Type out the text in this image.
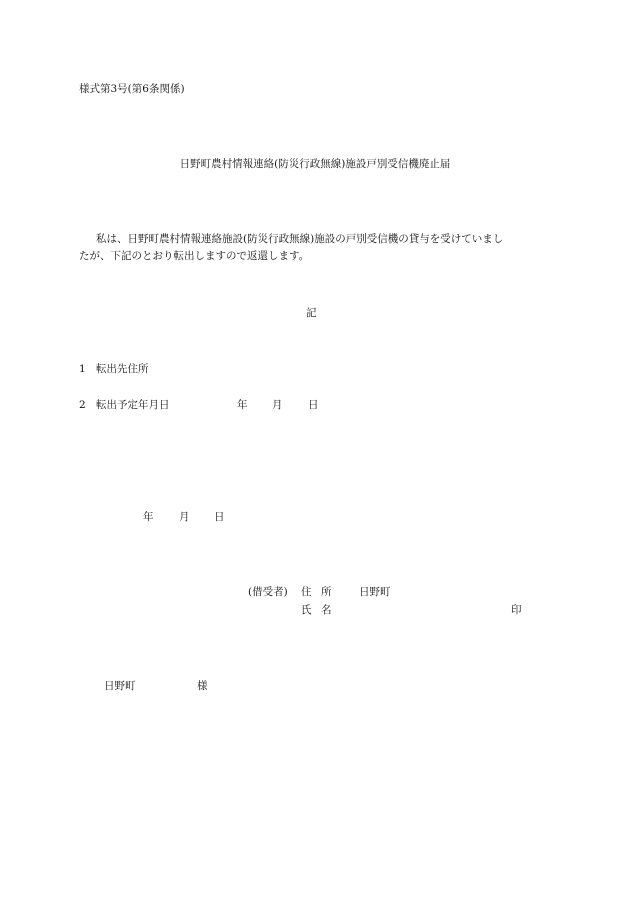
様式第3号(第6条関係)
日野町農村情報連絡(防災行政無線)施設戸別受信機廃止届
私は、日野町農村情報連絡施設(防災行政無線)施設の戸別受信機の貸与を受けていまし
たが、下記のとおり転出しますので返還します。
記
1 転出先住所
2 転出予定年月日	年 月 日
年 月 日
(借受者) 住 所	日野町
氏 名	印
日野町	様
